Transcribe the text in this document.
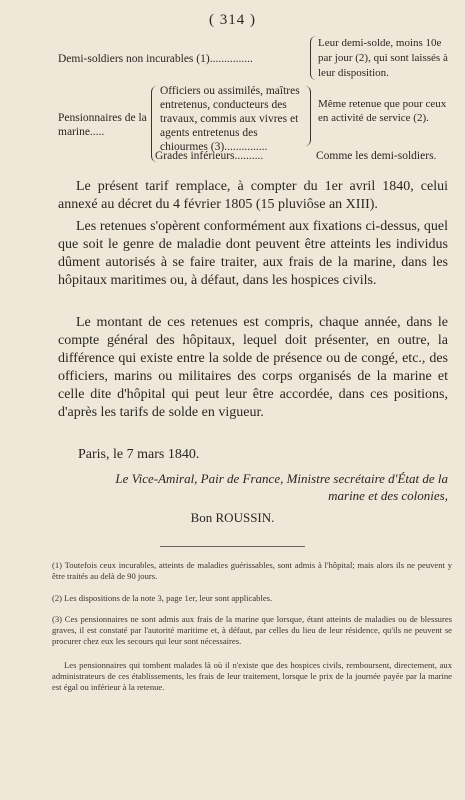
( 314 )
Demi-soldiers non incurables (1)...............
Leur demi-solde, moins 10e par jour (2), qui sont laissés à leur disposition.
Pensionnaires de la marine.....
Officiers ou assimilés, maîtres entretenus, conducteurs des travaux, commis aux vivres et agents entretenus des chiourmes (3)...............
Même retenue que pour ceux en activité de service (2).
Grades inférieurs..........	Comme les demi-soldiers.
Le présent tarif remplace, à compter du 1er avril 1840, celui annexé au décret du 4 février 1805 (15 pluviôse an XIII).
Les retenues s'opèrent conformément aux fixations ci-dessus, quel que soit le genre de maladie dont peuvent être atteints les individus dûment autorisés à se faire traiter, aux frais de la marine, dans les hôpitaux maritimes ou, à défaut, dans les hospices civils.
Le montant de ces retenues est compris, chaque année, dans le compte général des hôpitaux, lequel doit présenter, en outre, la différence qui existe entre la solde de présence ou de congé, etc., des officiers, marins ou militaires des corps organisés de la marine et celle dite d'hôpital qui peut leur être accordée, dans ces positions, d'après les tarifs de solde en vigueur.
Paris, le 7 mars 1840.
Le Vice-Amiral, Pair de France, Ministre secrétaire d'État de la marine et des colonies,
Bon ROUSSIN.
(1) Toutefois ceux incurables, atteints de maladies guérissables, sont admis à l'hôpital; mais alors ils ne peuvent y être traités au delà de 90 jours.
(2) Les dispositions de la note 3, page 1er, leur sont applicables.
(3) Ces pensionnaires ne sont admis aux frais de la marine que lorsque, étant atteints de maladies ou de blessures graves, il est constaté par l'autorité maritime et, à défaut, par celles du lieu de leur résidence, qu'ils ne peuvent se procurer chez eux les secours qui leur sont nécessaires.
Les pensionnaires qui tombent malades là où il n'existe que des hospices civils, remboursent, directement, aux administrateurs de ces établissements, les frais de leur traitement, lorsque le prix de la journée payée par la marine est égal ou inférieur à la retenue.
